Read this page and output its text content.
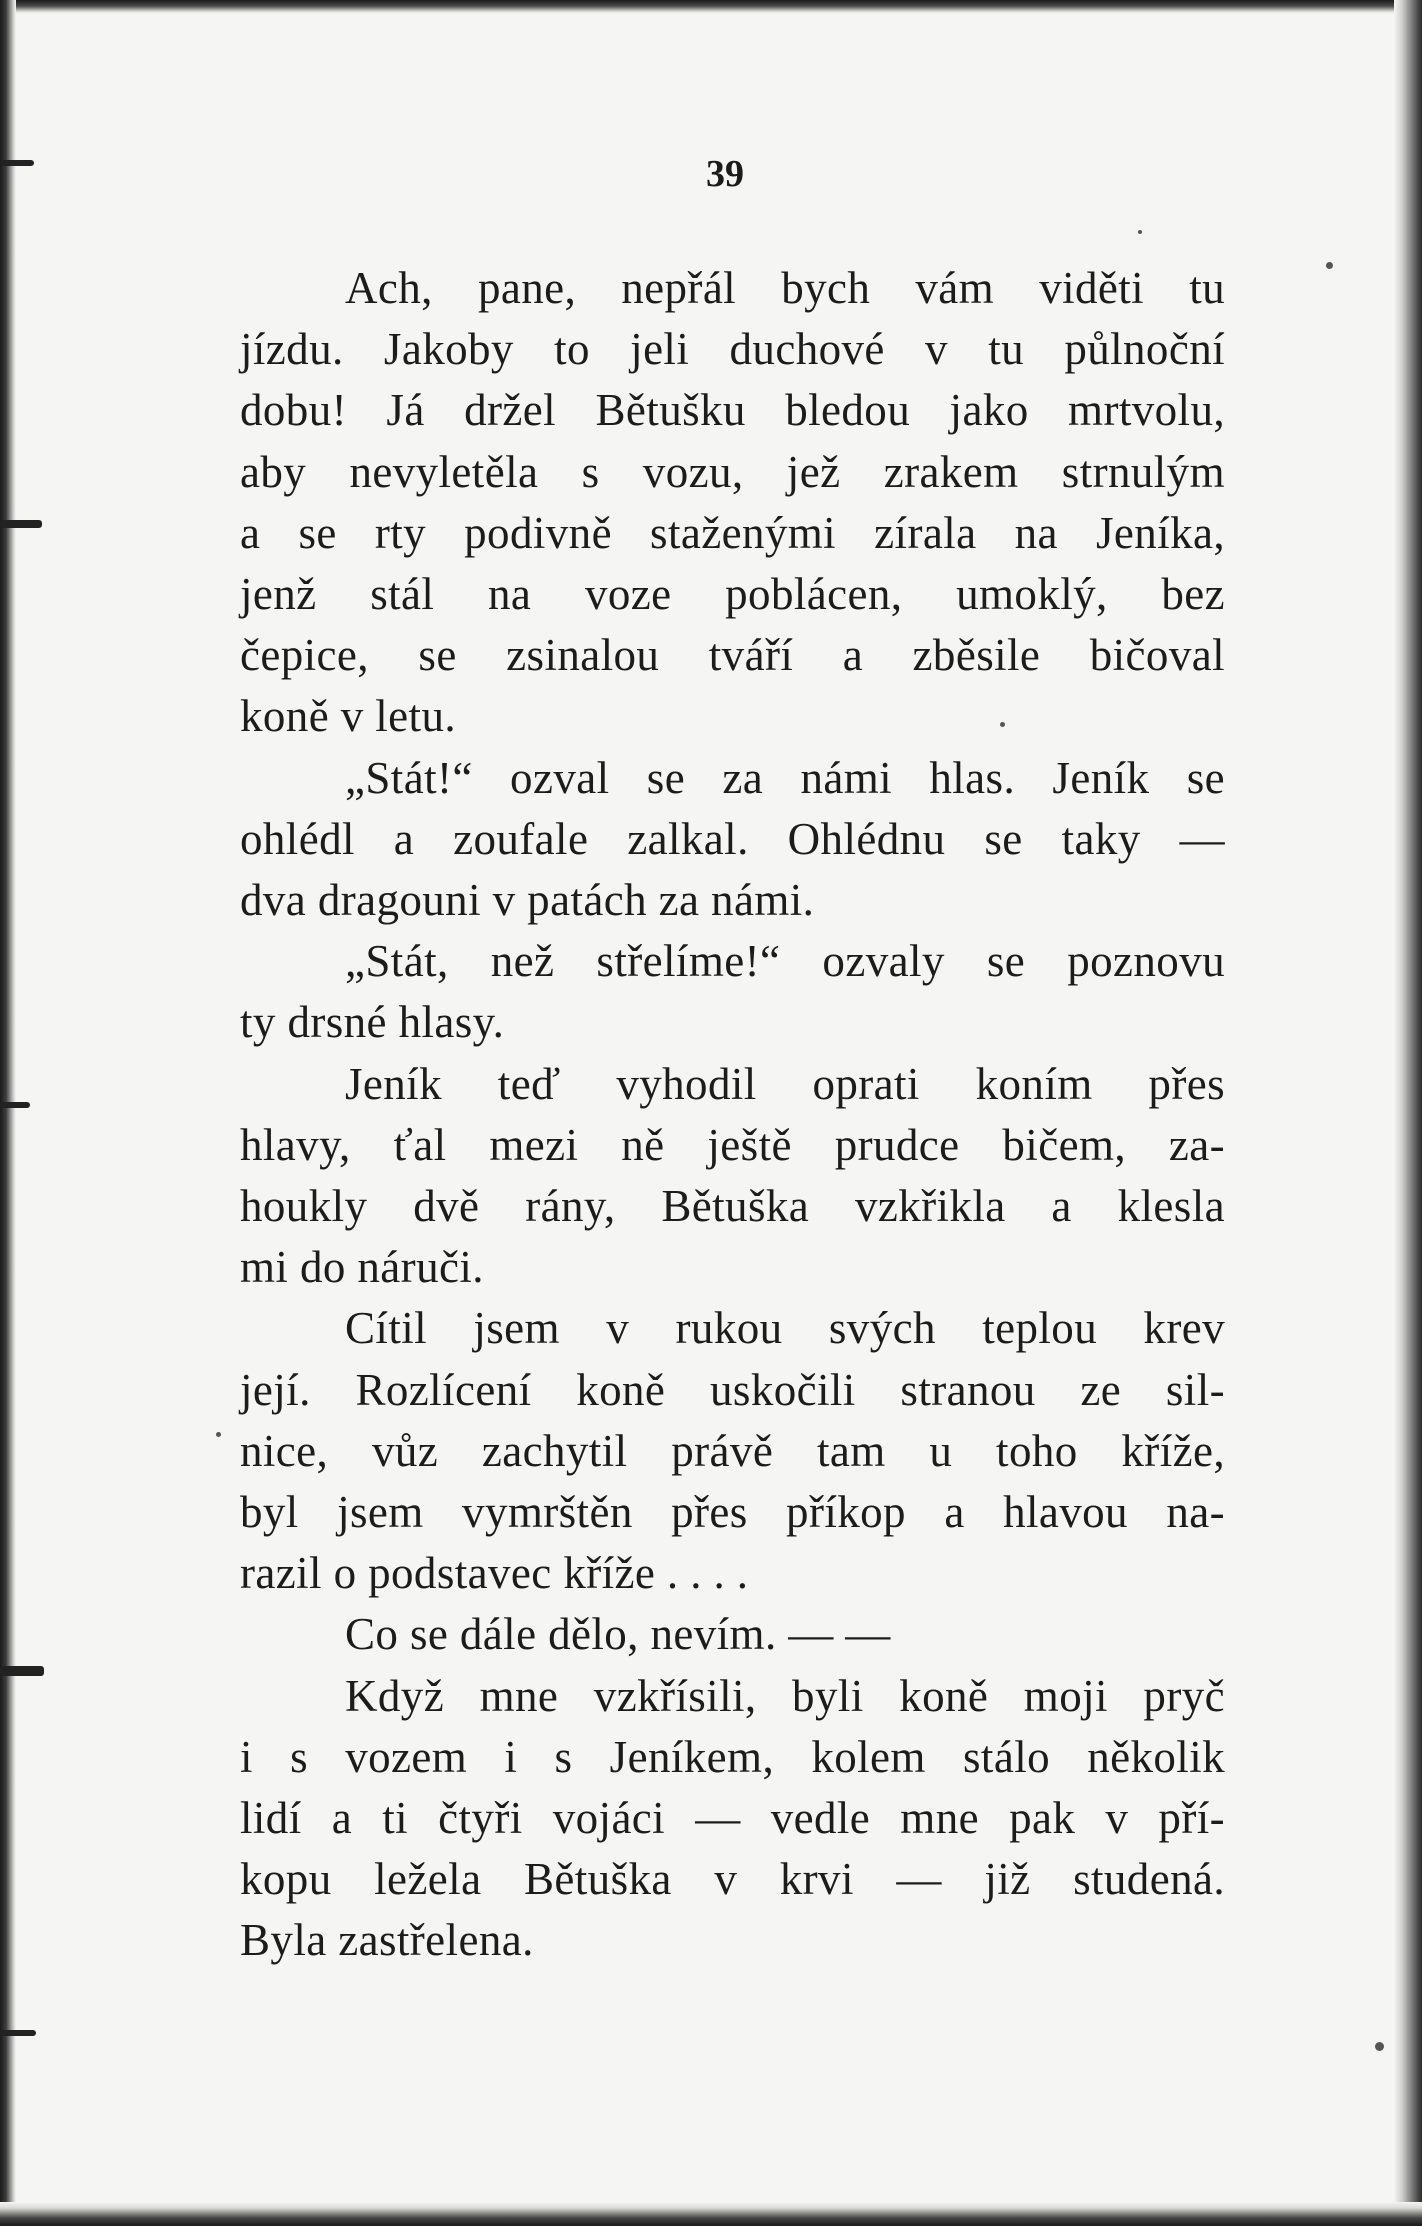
39
Ach, pane, nepřál bych vám viděti tu
jízdu. Jakoby to jeli duchové v tu půlnoční
dobu! Já držel Bětušku bledou jako mrtvolu,
aby nevyletěla s vozu, jež zrakem strnulým
a se rty podivně staženými zírala na Jeníka,
jenž stál na voze poblácen, umoklý, bez
čepice, se zsinalou tváří a zběsile bičoval
koně v letu.
„Stát!“ ozval se za námi hlas. Jeník se
ohlédl a zoufale zalkal. Ohlédnu se taky —
dva dragouni v patách za námi.
„Stát, než střelíme!“ ozvaly se poznovu
ty drsné hlasy.
Jeník teď vyhodil oprati koním přes
hlavy, ťal mezi ně ještě prudce bičem, za-
houkly dvě rány, Bětuška vzkřikla a klesla
mi do náruči.
Cítil jsem v rukou svých teplou krev
její. Rozlícení koně uskočili stranou ze sil-
nice, vůz zachytil právě tam u toho kříže,
byl jsem vymrštěn přes příkop a hlavou na-
razil o podstavec kříže . . . .
Co se dále dělo, nevím. — —
Když mne vzkřísili, byli koně moji pryč
i s vozem i s Jeníkem, kolem stálo několik
lidí a ti čtyři vojáci — vedle mne pak v pří-
kopu ležela Bětuška v krvi — již studená.
Byla zastřelena.
